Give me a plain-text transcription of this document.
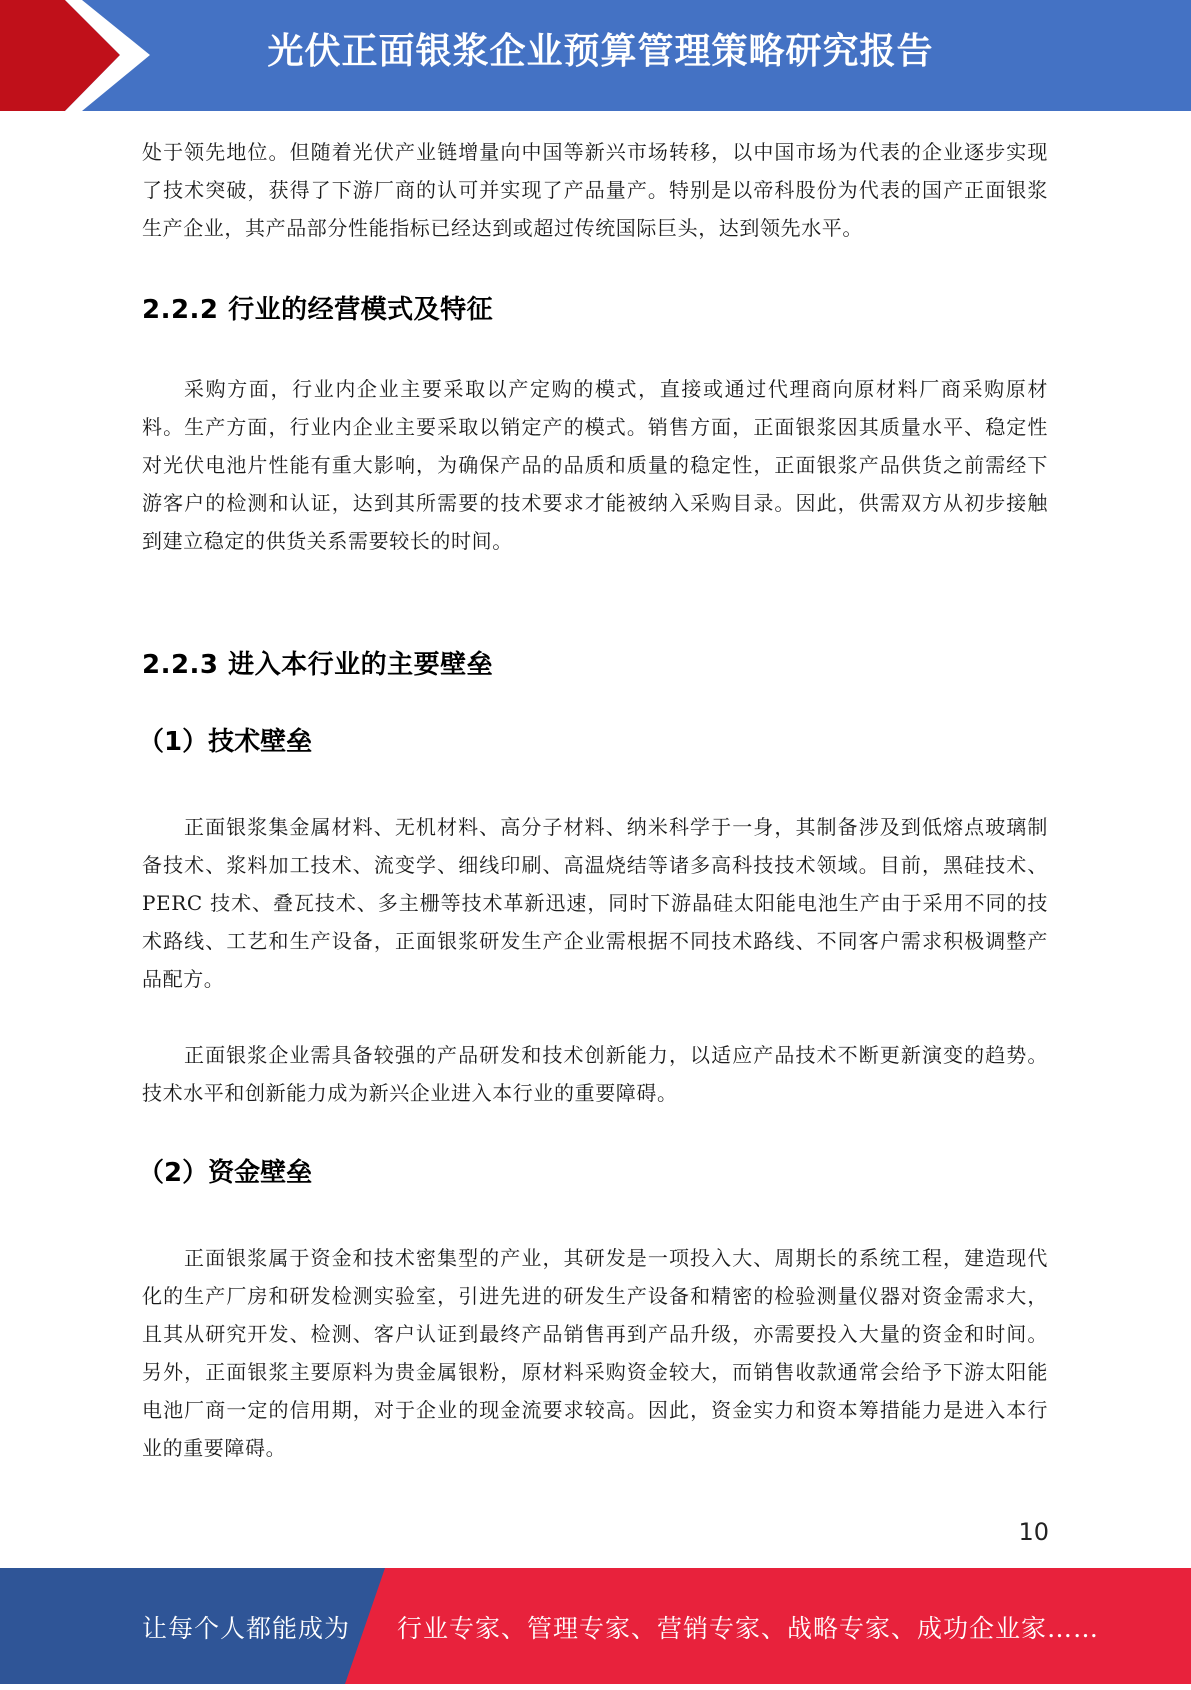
光伏正面银浆企业预算管理策略研究报告

处于领先地位。但随着光伏产业链增量向中国等新兴市场转移，以中国市场为代表的企业逐步实现了技术突破，获得了下游厂商的认可并实现了产品量产。特别是以帝科股份为代表的国产正面银浆生产企业，其产品部分性能指标已经达到或超过传统国际巨头，达到领先水平。

2.2.2 行业的经营模式及特征

采购方面，行业内企业主要采取以产定购的模式，直接或通过代理商向原材料厂商采购原材料。生产方面，行业内企业主要采取以销定产的模式。销售方面，正面银浆因其质量水平、稳定性对光伏电池片性能有重大影响，为确保产品的品质和质量的稳定性，正面银浆产品供货之前需经下游客户的检测和认证，达到其所需要的技术要求才能被纳入采购目录。因此，供需双方从初步接触到建立稳定的供货关系需要较长的时间。

2.2.3 进入本行业的主要壁垒
（1）技术壁垒

正面银浆集金属材料、无机材料、高分子材料、纳米科学于一身，其制备涉及到低熔点玻璃制备技术、浆料加工技术、流变学、细线印刷、高温烧结等诸多高科技技术领域。目前，黑硅技术、PERC 技术、叠瓦技术、多主栅等技术革新迅速，同时下游晶硅太阳能电池生产由于采用不同的技术路线、工艺和生产设备，正面银浆研发生产企业需根据不同技术路线、不同客户需求积极调整产品配方。

正面银浆企业需具备较强的产品研发和技术创新能力，以适应产品技术不断更新演变的趋势。技术水平和创新能力成为新兴企业进入本行业的重要障碍。

（2）资金壁垒

正面银浆属于资金和技术密集型的产业，其研发是一项投入大、周期长的系统工程，建造现代化的生产厂房和研发检测实验室，引进先进的研发生产设备和精密的检验测量仪器对资金需求大，且其从研究开发、检测、客户认证到最终产品销售再到产品升级，亦需要投入大量的资金和时间。另外，正面银浆主要原料为贵金属银粉，原材料采购资金较大，而销售收款通常会给予下游太阳能电池厂商一定的信用期，对于企业的现金流要求较高。因此，资金实力和资本筹措能力是进入本行业的重要障碍。

10
让每个人都能成为 行业专家、管理专家、营销专家、战略专家、成功企业家……
